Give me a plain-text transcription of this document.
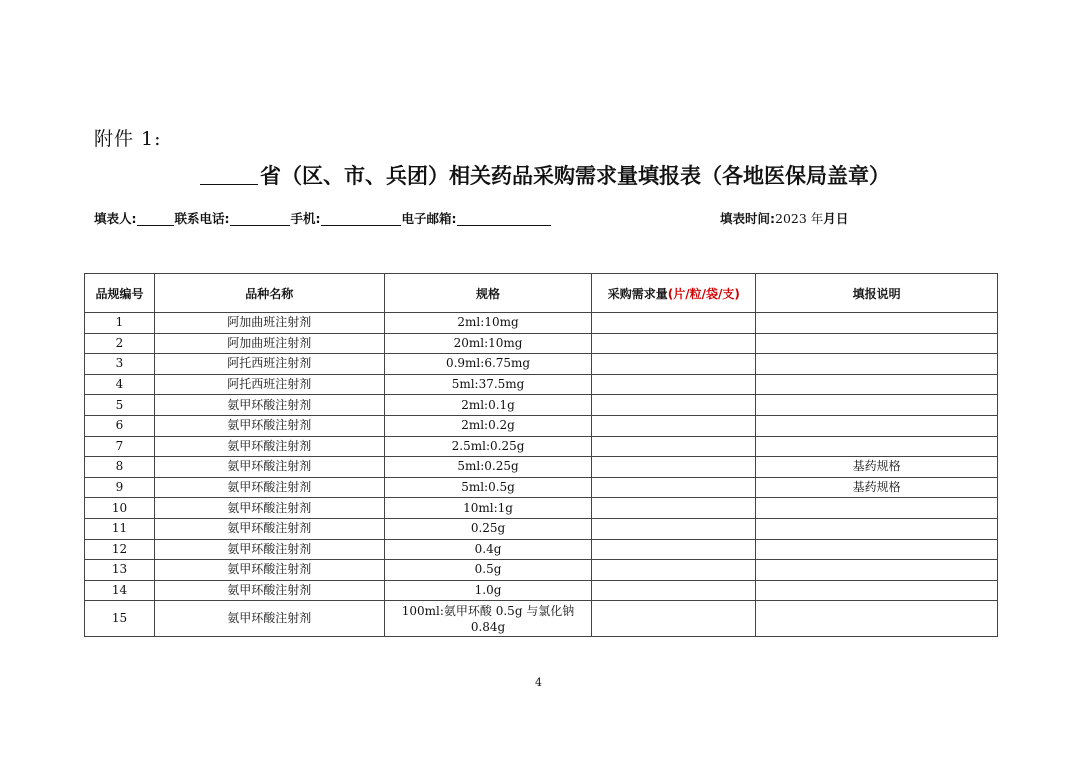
附件 1:
省（区、市、兵团）相关药品采购需求量填报表（各地医保局盖章）
填表人:	联系电话:	手机:	电子邮箱:	填表时间:2023 年月日
品规编号	品种名称	规格	采购需求量(片/粒/袋/支)	填报说明
1	阿加曲班注射剂	2ml:10mg		
2	阿加曲班注射剂	20ml:10mg		
3	阿托西班注射剂	0.9ml:6.75mg		
4	阿托西班注射剂	5ml:37.5mg		
5	氨甲环酸注射剂	2ml:0.1g		
6	氨甲环酸注射剂	2ml:0.2g		
7	氨甲环酸注射剂	2.5ml:0.25g		
8	氨甲环酸注射剂	5ml:0.25g		基药规格
9	氨甲环酸注射剂	5ml:0.5g		基药规格
10	氨甲环酸注射剂	10ml:1g		
11	氨甲环酸注射剂	0.25g		
12	氨甲环酸注射剂	0.4g		
13	氨甲环酸注射剂	0.5g		
14	氨甲环酸注射剂	1.0g		
15	氨甲环酸注射剂	100ml:氨甲环酸 0.5g 与氯化钠
0.84g		
4
